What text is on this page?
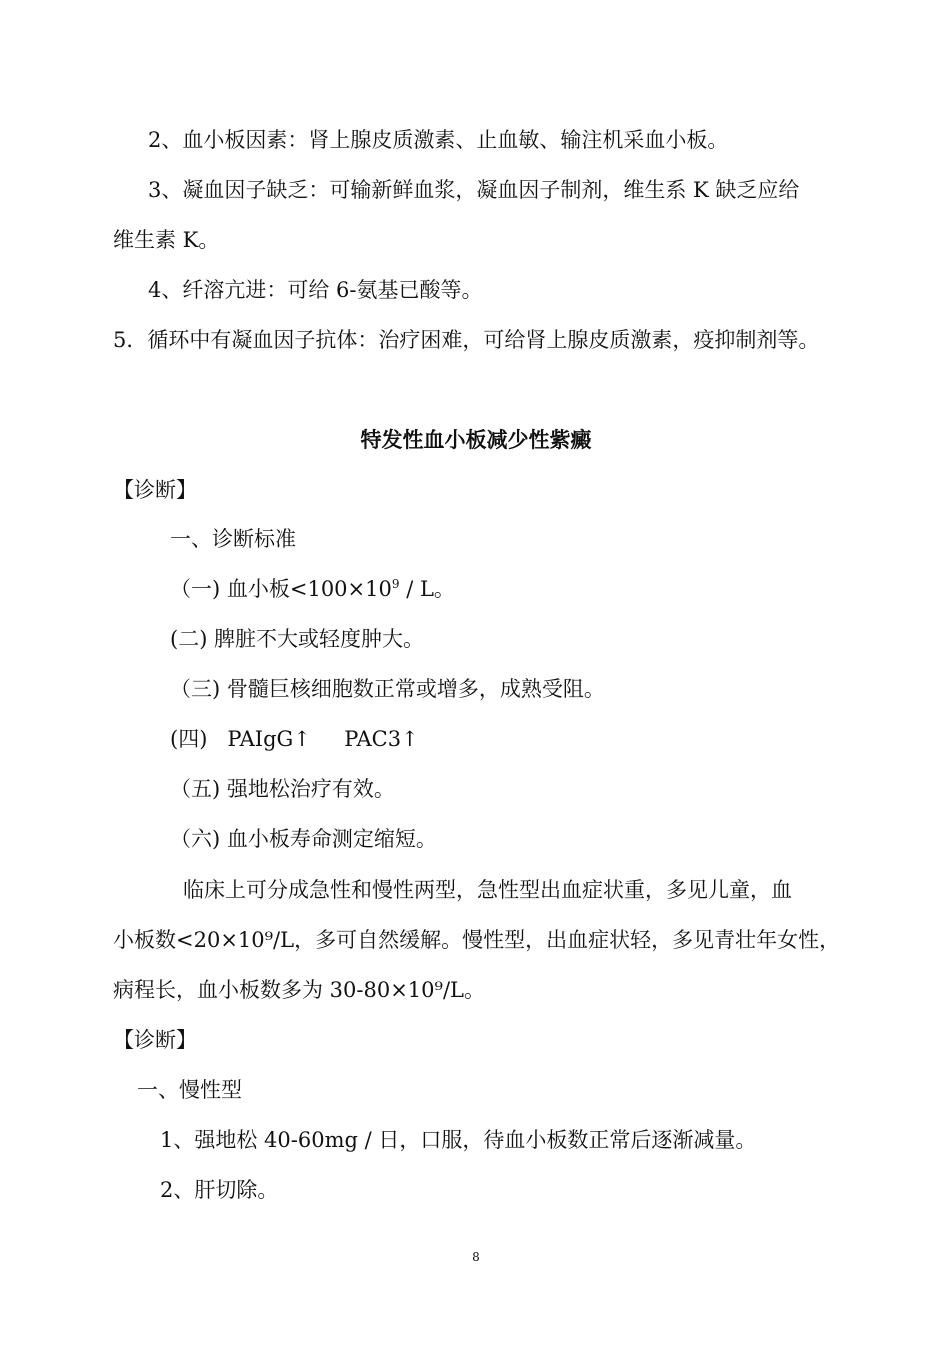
2、血小板因素：肾上腺皮质激素、止血敏、输注机采血小板。
3、凝血因子缺乏：可输新鲜血浆，凝血因子制剂，维生系 K 缺乏应给
维生素 K。
4、纤溶亢进：可给 6-氨基已酸等。
5．循环中有凝血因子抗体：治疗困难，可给肾上腺皮质激素，疫抑制剂等。
特发性血小板减少性紫癜
【诊断】
一、诊断标准
（一) 血小板$<100\times 10^9 / L$。
(二) 脾脏不大或轻度肿大。
（三) 骨髓巨核细胞数正常或增多，成熟受阻。
(四)   PAIgG↑     PAC3↑
（五) 强地松治疗有效。
（六) 血小板寿命测定缩短。
临床上可分成急性和慢性两型，急性型出血症状重，多见儿童，血
小板数<20×10⁹/L，多可自然缓解。慢性型，出血症状轻，多见青壮年女性，
病程长，血小板数多为 30-80×10⁹/L。
【诊断】
一、慢性型
1、强地松 40-60mg / 日，口服，待血小板数正常后逐渐减量。
2、肝切除。
8
